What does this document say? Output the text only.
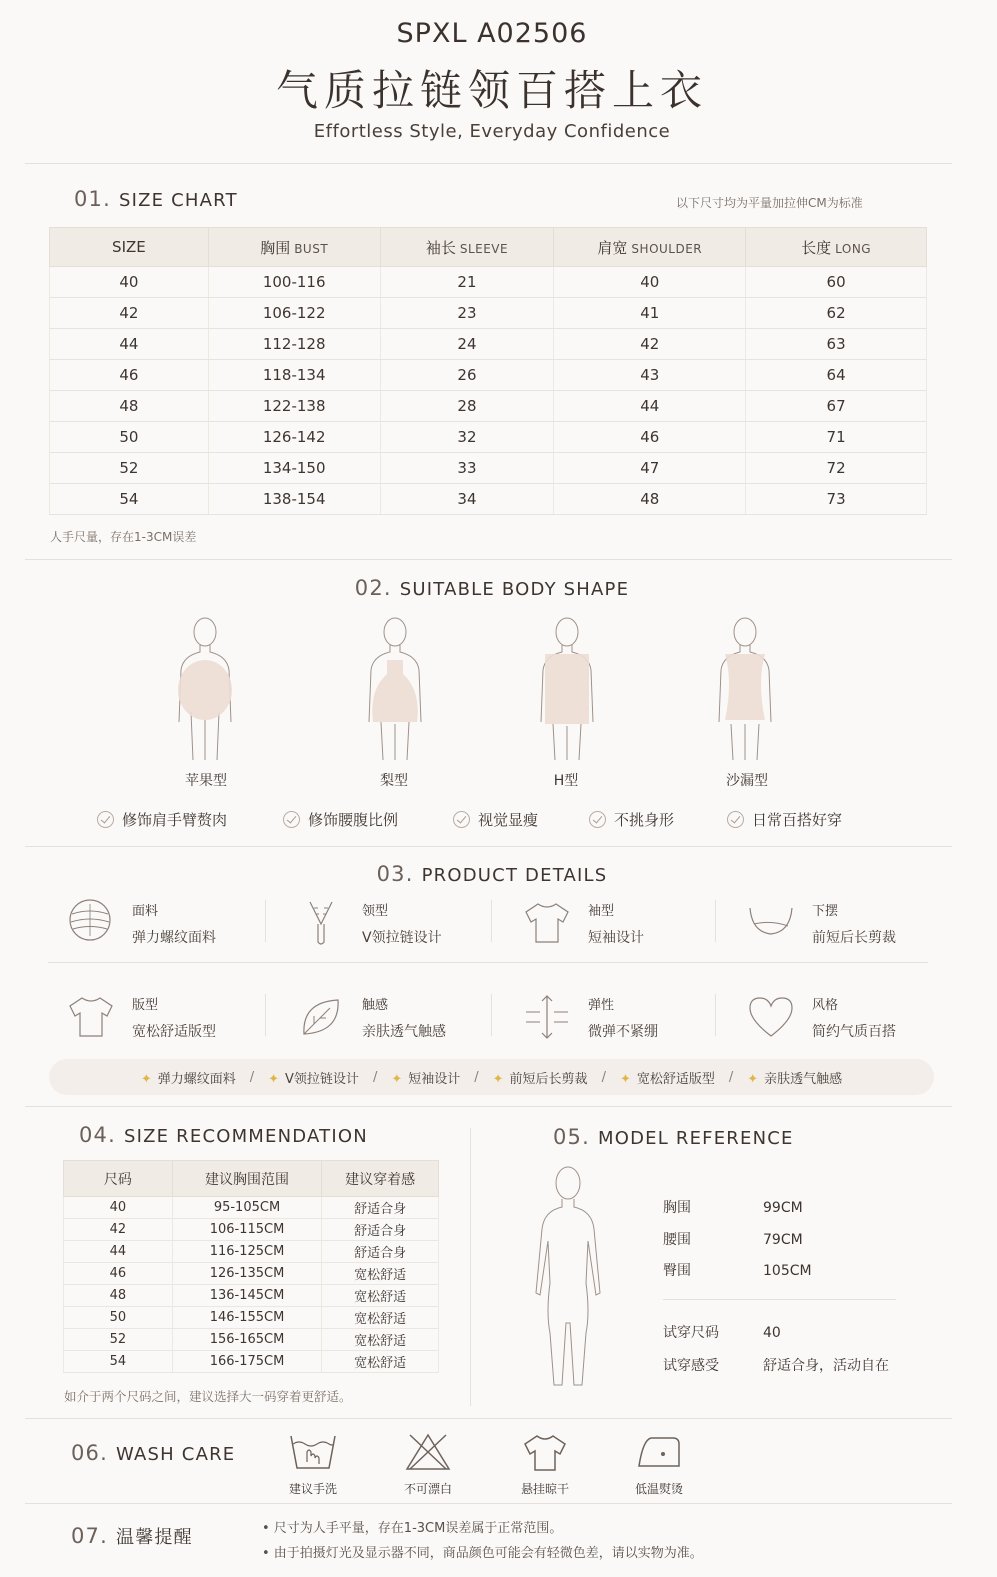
SPXL A02506
气质拉链领百搭上衣
Effortless Style, Everyday Confidence
01. SIZE CHART	以下尺寸均为平量加拉伸CM为标准
SIZE	胸围 BUST	袖长 SLEEVE	肩宽 SHOULDER	长度 LONG
40	100-116	21	40	60
42	106-122	23	41	62
44	112-128	24	42	63
46	118-134	26	43	64
48	122-138	28	44	67
50	126-142	32	46	71
52	134-150	33	47	72
54	138-154	34	48	73
人手尺量，存在1-3CM误差
02. SUITABLE BODY SHAPE
苹果型	梨型	H型	沙漏型
修饰肩手臂赘肉	修饰腰腹比例	视觉显瘦	不挑身形	日常百搭好穿
03. PRODUCT DETAILS
面料
弹力螺纹面料
领型
V领拉链设计
袖型
短袖设计
下摆
前短后长剪裁
版型
宽松舒适版型
触感
亲肤透气触感
弹性
微弹不紧绷
风格
简约气质百搭
✦ 弹力螺纹面料 / ✦ V领拉链设计 / ✦ 短袖设计 / ✦ 前短后长剪裁 / ✦ 宽松舒适版型 / ✦ 亲肤透气触感
04. SIZE RECOMMENDATION
尺码	建议胸围范围	建议穿着感
40	95-105CM	舒适合身
42	106-115CM	舒适合身
44	116-125CM	舒适合身
46	126-135CM	宽松舒适
48	136-145CM	宽松舒适
50	146-155CM	宽松舒适
52	156-165CM	宽松舒适
54	166-175CM	宽松舒适
如介于两个尺码之间，建议选择大一码穿着更舒适。
05. MODEL REFERENCE
胸围	99CM
腰围	79CM
臀围	105CM
试穿尺码	40
试穿感受	舒适合身，活动自在
06. WASH CARE
建议手洗	不可漂白	悬挂晾干	低温熨烫
07. 温馨提醒	• 尺寸为人手平量，存在1-3CM误差属于正常范围。
• 由于拍摄灯光及显示器不同，商品颜色可能会有轻微色差，请以实物为准。
